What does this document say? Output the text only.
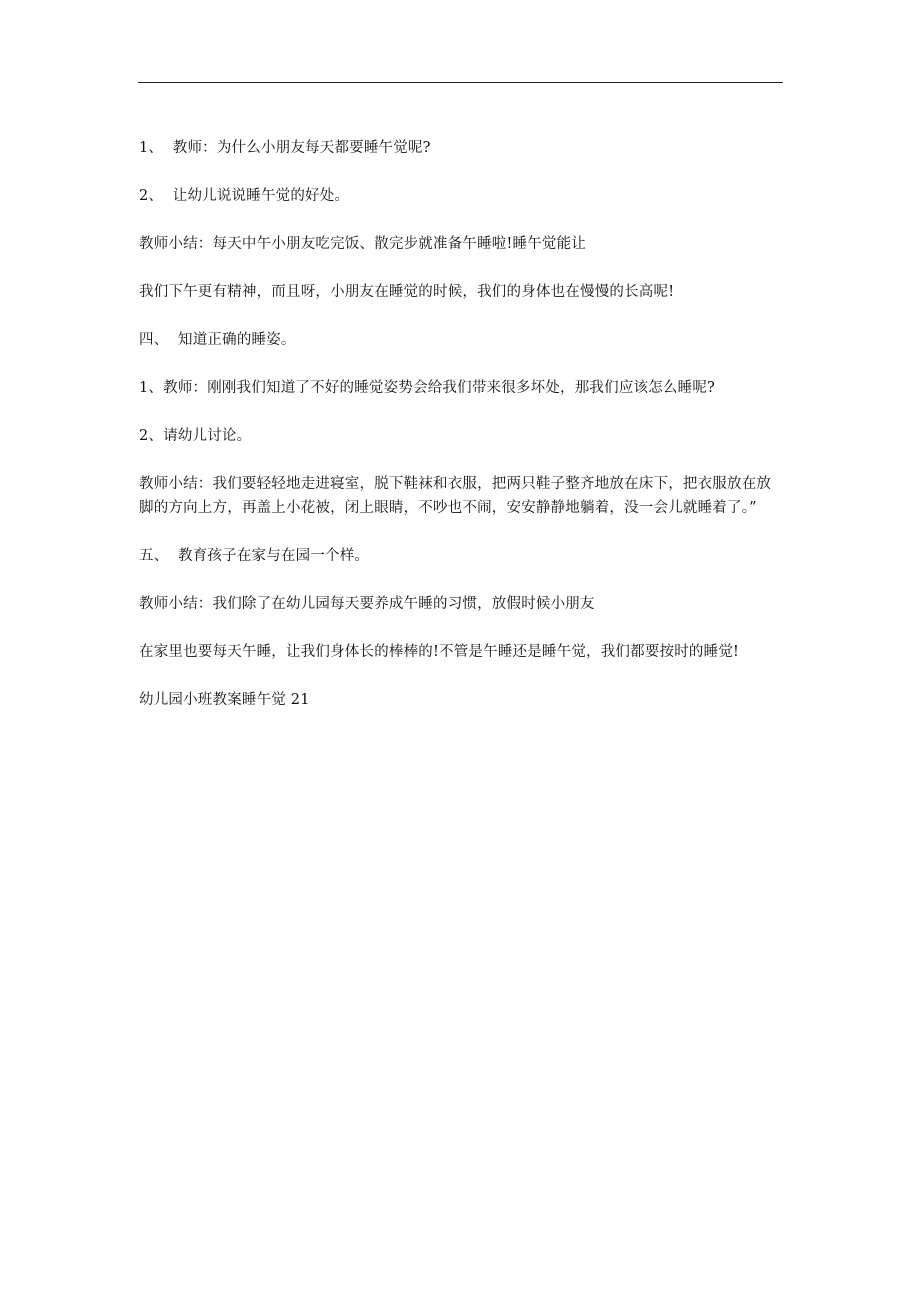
1、  教师：为什么小朋友每天都要睡午觉呢?

2、  让幼儿说说睡午觉的好处。

教师小结：每天中午小朋友吃完饭、散完步就准备午睡啦!睡午觉能让

我们下午更有精神，而且呀，小朋友在睡觉的时候，我们的身体也在慢慢的长高呢!

四、  知道正确的睡姿。

1、教师：刚刚我们知道了不好的睡觉姿势会给我们带来很多坏处，那我们应该怎么睡呢?

2、请幼儿讨论。

教师小结：我们要轻轻地走进寝室，脱下鞋袜和衣服，把两只鞋子整齐地放在床下，把衣服放在放脚的方向上方，再盖上小花被，闭上眼睛，不吵也不闹，安安静静地躺着，没一会儿就睡着了。”

五、  教育孩子在家与在园一个样。

教师小结：我们除了在幼儿园每天要养成午睡的习惯，放假时候小朋友

在家里也要每天午睡，让我们身体长的棒棒的!不管是午睡还是睡午觉，我们都要按时的睡觉!

幼儿园小班教案睡午觉 21
